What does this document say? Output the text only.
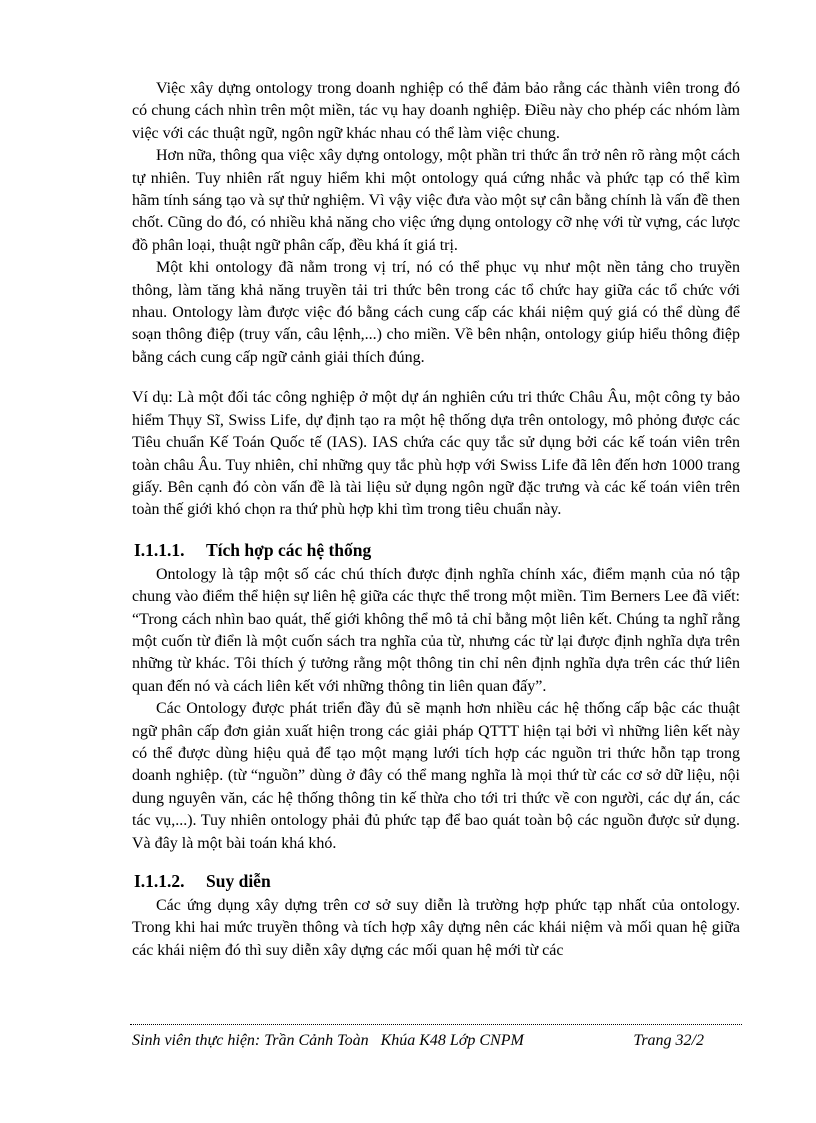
Việc xây dựng ontology trong doanh nghiệp có thể đảm bảo rằng các thành viên trong đó có chung cách nhìn trên một miền, tác vụ hay doanh nghiệp. Điều này cho phép các nhóm làm việc với các thuật ngữ, ngôn ngữ khác nhau có thể làm việc chung.

Hơn nữa, thông qua việc xây dựng ontology, một phần tri thức ẩn trở nên rõ ràng một cách tự nhiên. Tuy nhiên rất nguy hiểm khi một ontology quá cứng nhắc và phức tạp có thể kìm hãm tính sáng tạo và sự thử nghiệm. Vì vậy việc đưa vào một sự cân bằng chính là vấn đề then chốt. Cũng do đó, có nhiều khả năng cho việc ứng dụng ontology cỡ nhẹ với từ vựng, các lược đồ phân loại, thuật ngữ phân cấp, đều khá ít giá trị.

Một khi ontology đã nằm trong vị trí, nó có thể phục vụ như một nền tảng cho truyền thông, làm tăng khả năng truyền tải tri thức bên trong các tổ chức hay giữa các tổ chức với nhau. Ontology làm được việc đó bằng cách cung cấp các khái niệm quý giá có thể dùng để soạn thông điệp (truy vấn, câu lệnh,...) cho miền. Về bên nhận, ontology giúp hiểu thông điệp bằng cách cung cấp ngữ cảnh giải thích đúng.

Ví dụ: Là một đối tác công nghiệp ở một dự án nghiên cứu tri thức Châu Âu, một công ty bảo hiểm Thụy Sĩ, Swiss Life, dự định tạo ra một hệ thống dựa trên ontology, mô phỏng được các Tiêu chuẩn Kế Toán Quốc tế (IAS). IAS chứa các quy tắc sử dụng bởi các kế toán viên trên toàn châu Âu. Tuy nhiên, chỉ những quy tắc phù hợp với Swiss Life đã lên đến hơn 1000 trang giấy. Bên cạnh đó còn vấn đề là tài liệu sử dụng ngôn ngữ đặc trưng và các kế toán viên trên toàn thế giới khó chọn ra thứ phù hợp khi tìm trong tiêu chuẩn này.

I.1.1.1.	Tích hợp các hệ thống

Ontology là tập một số các chú thích được định nghĩa chính xác, điểm mạnh của nó tập chung vào điểm thể hiện sự liên hệ giữa các thực thể trong một miền. Tim Berners Lee đã viết: “Trong cách nhìn bao quát, thế giới không thể mô tả chỉ bằng một liên kết. Chúng ta nghĩ rằng một cuốn từ điển là một cuốn sách tra nghĩa của từ, nhưng các từ lại được định nghĩa dựa trên những từ khác. Tôi thích ý tưởng rằng một thông tin chỉ nên định nghĩa dựa trên các thứ liên quan đến nó và cách liên kết với những thông tin liên quan đấy”.

Các Ontology được phát triển đầy đủ sẽ mạnh hơn nhiều các hệ thống cấp bậc các thuật ngữ phân cấp đơn giản xuất hiện trong các giải pháp QTTT hiện tại bởi vì những liên kết này có thể được dùng hiệu quả để tạo một mạng lưới tích hợp các nguồn tri thức hỗn tạp trong doanh nghiệp. (từ “nguồn” dùng ở đây có thể mang nghĩa là mọi thứ từ các cơ sở dữ liệu, nội dung nguyên văn, các hệ thống thông tin kế thừa cho tới tri thức về con người, các dự án, các tác vụ,...). Tuy nhiên ontology phải đủ phức tạp để bao quát toàn bộ các nguồn được sử dụng. Và đây là một bài toán khá khó.

I.1.1.2.	Suy diễn

Các ứng dụng xây dựng trên cơ sở suy diễn là trường hợp phức tạp nhất của ontology. Trong khi hai mức truyền thông và tích hợp xây dựng nên các khái niệm và mối quan hệ giữa các khái niệm đó thì suy diễn xây dựng các mối quan hệ mới từ các

Sinh viên thực hiện: Trần Cảnh Toàn   Khúa K48 Lớp CNPM	Trang 32/2
